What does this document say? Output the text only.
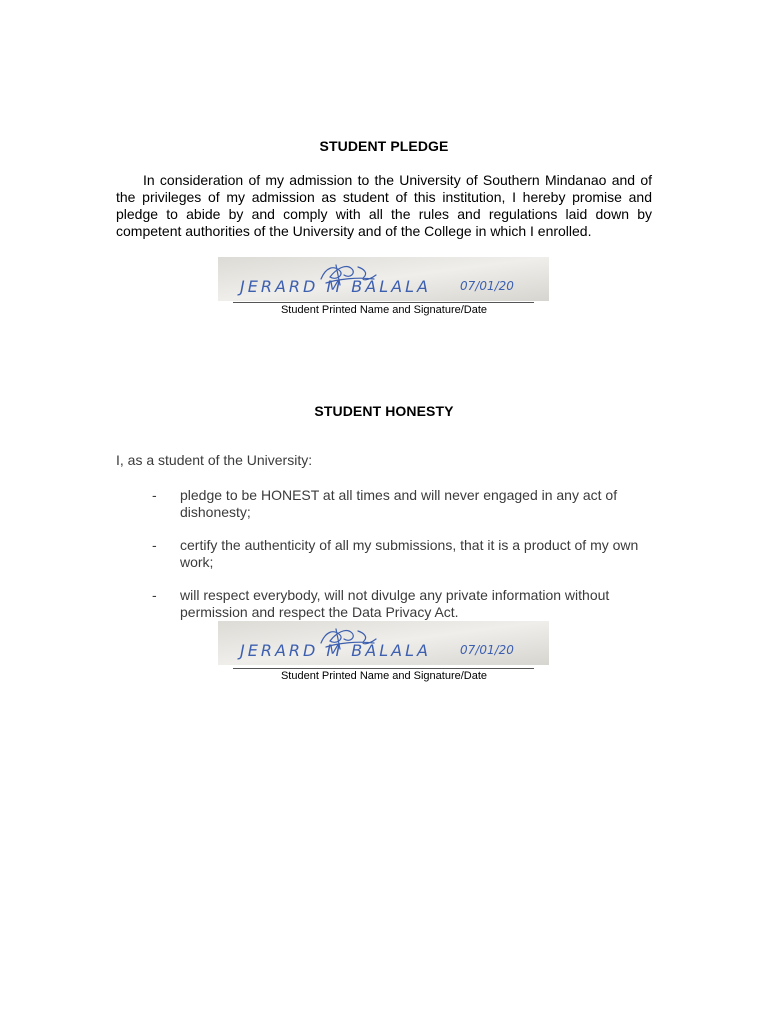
STUDENT PLEDGE
In consideration of my admission to the University of Southern Mindanao and of the privileges of my admission as student of this institution, I hereby promise and pledge to abide by and comply with all the rules and regulations laid down by competent authorities of the University and of the College in which I enrolled.
JERARD M BALALA 07/01/20
Student Printed Name and Signature/Date
STUDENT HONESTY
I, as a student of the University:
- pledge to be HONEST at all times and will never engaged in any act of dishonesty;
- certify the authenticity of all my submissions, that it is a product of my own work;
- will respect everybody, will not divulge any private information without permission and respect the Data Privacy Act.
JERARD M BALALA 07/01/20
Student Printed Name and Signature/Date
